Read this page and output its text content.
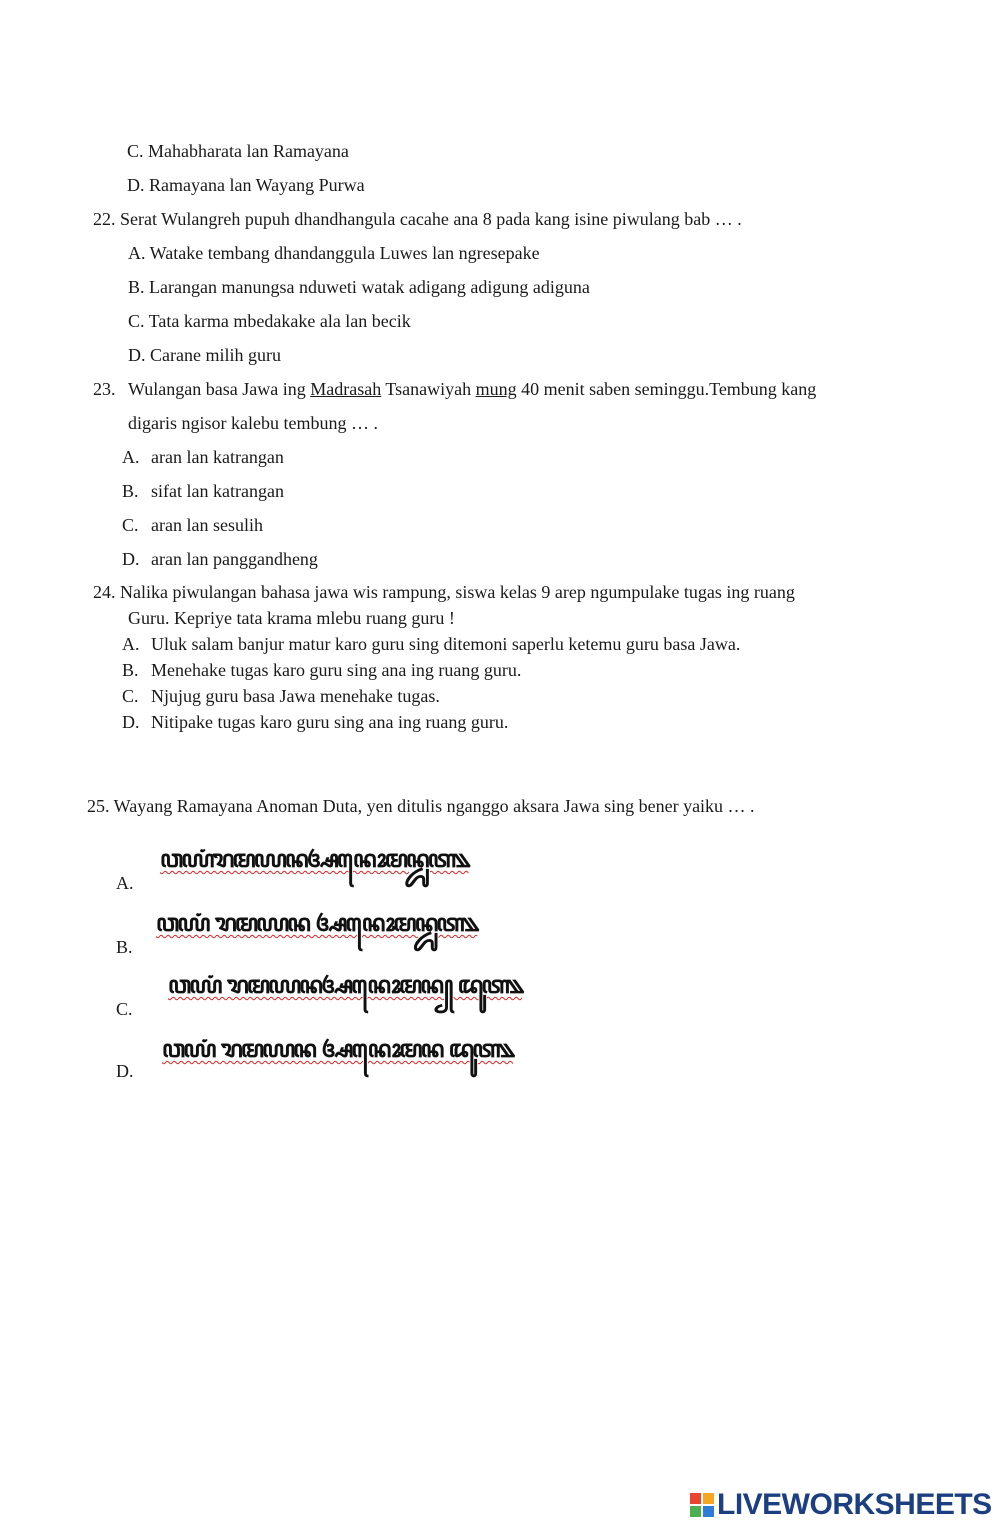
C. Mahabharata lan Ramayana
D. Ramayana lan Wayang Purwa
22. Serat Wulangreh pupuh dhandhangula cacahe ana 8 pada kang isine piwulang bab … .
A. Watake tembang dhandanggula Luwes lan ngresepake
B. Larangan manungsa nduweti watak adigang adigung adiguna
C. Tata karma mbedakake ala lan becik
D. Carane milih guru
23. Wulangan basa Jawa ing Madrasah Tsanawiyah mung 40 menit saben seminggu.Tembung kang
digaris ngisor kalebu tembung … .
A. aran lan katrangan
B. sifat lan katrangan
C. aran lan sesulih
D. aran lan panggandheng
24. Nalika piwulangan bahasa jawa wis rampung, siswa kelas 9 arep ngumpulake tugas ing ruang
Guru. Kepriye tata krama mlebu ruang guru !
A. Uluk salam banjur matur karo guru sing ditemoni saperlu ketemu guru basa Jawa.
B. Menehake tugas karo guru sing ana ing ruang guru.
C. Njujug guru basa Jawa menehake tugas.
D. Nitipake tugas karo guru sing ana ing ruang guru.
25. Wayang Ramayana Anoman Duta, yen ditulis nganggo aksara Jawa sing bener yaiku … .
ꦮꦪꦁꦫꦩꦪꦤꦄꦤꦺꦴꦩꦤ꧀ꦢꦸꦠ꧉
A.
ꦮꦪꦁ ꦫꦩꦪꦤ ꦄꦤꦺꦴꦩꦤ꧀ꦢꦸꦠ꧉
B.
ꦮꦪꦁ ꦫꦩꦪꦤꦄꦤꦺꦴꦩꦤ꧀ ꦢꦸꦠ꧉
C.
ꦮꦪꦁ ꦫꦩꦪꦤ ꦄꦤꦺꦴꦩꦤ ꦢꦸꦠ꧉
D.
LIVEWORKSHEETS
